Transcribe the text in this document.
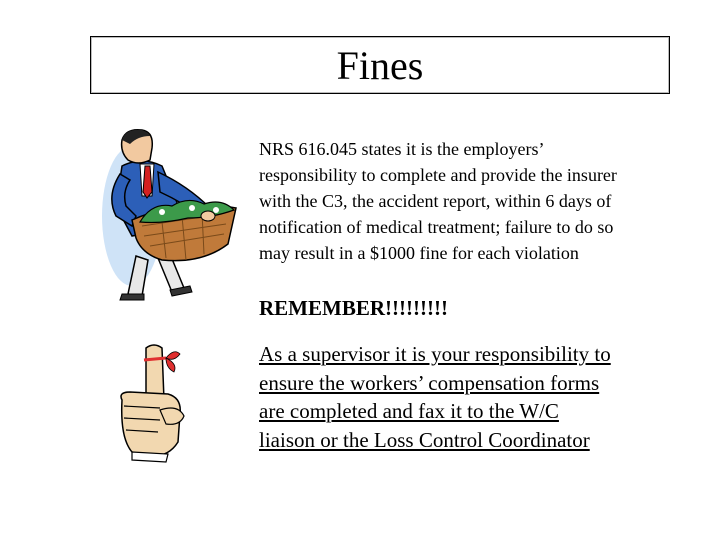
Fines
NRS 616.045 states it is the employers’ responsibility to complete and provide the insurer with the C3, the accident report, within 6 days of notification of medical treatment; failure to do so may result in a $1000 fine for each violation
REMEMBER!!!!!!!!!
As a supervisor it is your responsibility to ensure the workers’ compensation forms are completed and fax it to the W/C liaison or the Loss Control Coordinator
